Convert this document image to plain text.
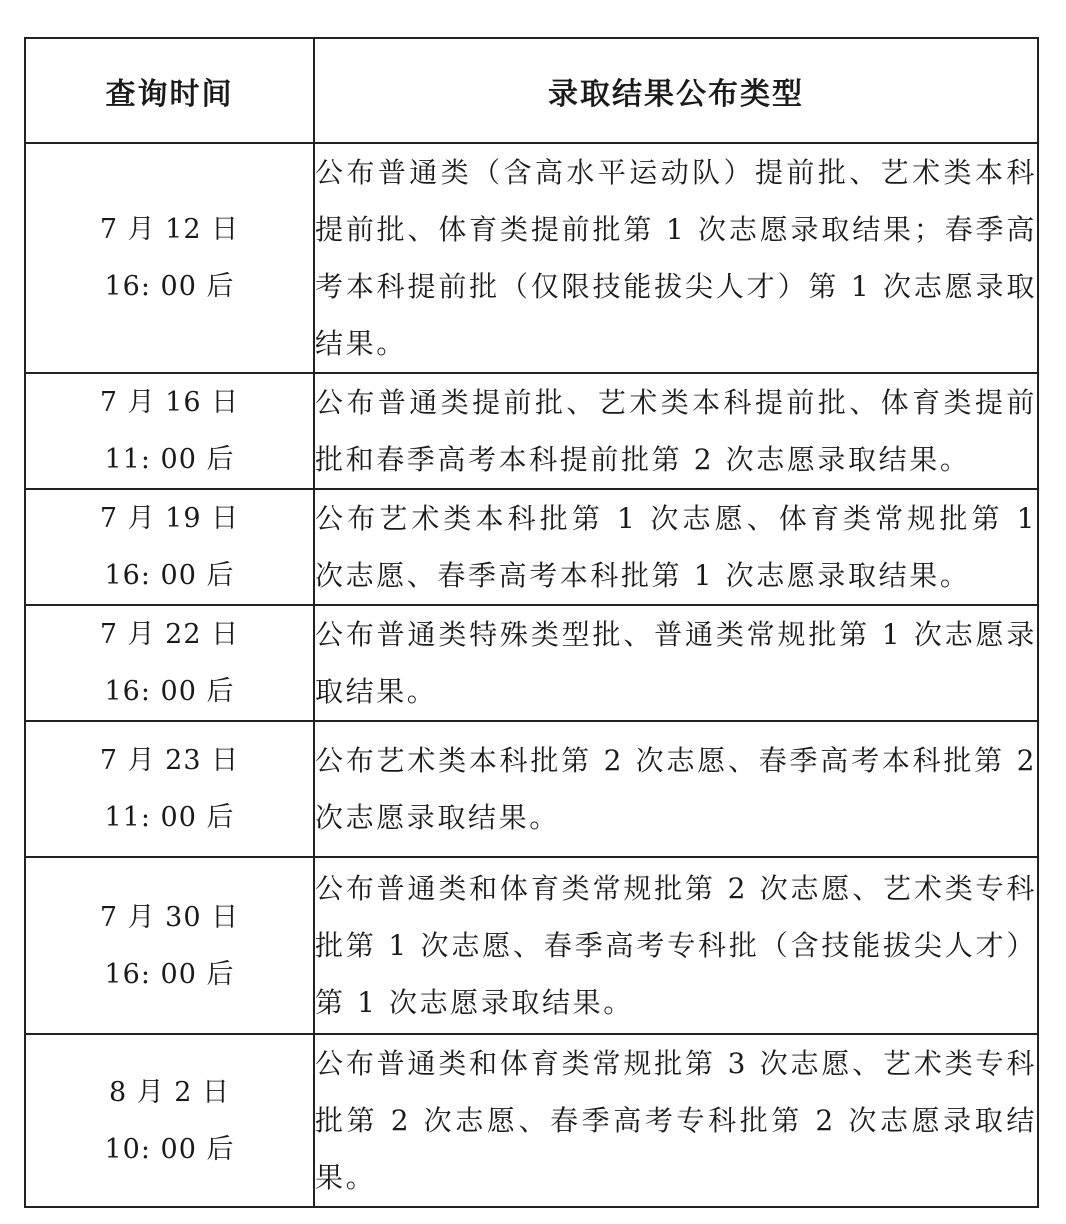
查询时间	录取结果公布类型

7 月 12 日
16: 00 后	公布普通类（含高水平运动队）提前批、艺术类本科提前批、体育类提前批第 1 次志愿录取结果；春季高考本科提前批（仅限技能拔尖人才）第 1 次志愿录取结果。

7 月 16 日
11: 00 后	公布普通类提前批、艺术类本科提前批、体育类提前批和春季高考本科提前批第 2 次志愿录取结果。

7 月 19 日
16: 00 后	公布艺术类本科批第 1 次志愿、体育类常规批第 1 次志愿、春季高考本科批第 1 次志愿录取结果。

7 月 22 日
16: 00 后	公布普通类特殊类型批、普通类常规批第 1 次志愿录取结果。

7 月 23 日
11: 00 后	公布艺术类本科批第 2 次志愿、春季高考本科批第 2 次志愿录取结果。

7 月 30 日
16: 00 后	公布普通类和体育类常规批第 2 次志愿、艺术类专科批第 1 次志愿、春季高考专科批（含技能拔尖人才）第 1 次志愿录取结果。

8 月 2 日
10: 00 后	公布普通类和体育类常规批第 3 次志愿、艺术类专科批第 2 次志愿、春季高考专科批第 2 次志愿录取结果。
